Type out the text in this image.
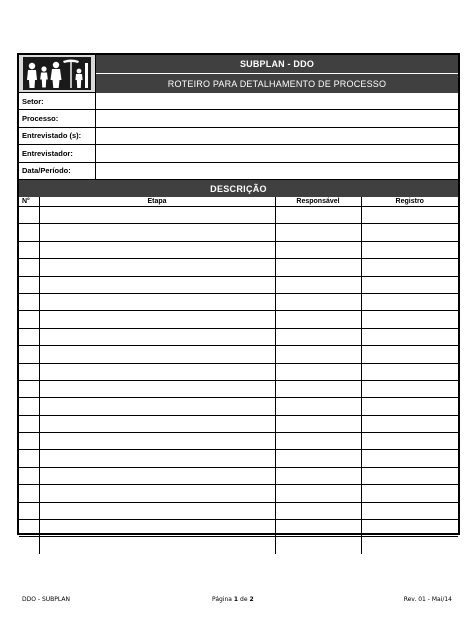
SUBPLAN - DDO
ROTEIRO PARA DETALHAMENTO DE PROCESSO
Setor:
Processo:
Entrevistado (s):
Entrevistador:
Data/Período:
DESCRIÇÃO
N°	Etapa	Responsável	Registro

DDO - SUBPLAN	Página 1 de 2	Rev. 01 - Mai/14
